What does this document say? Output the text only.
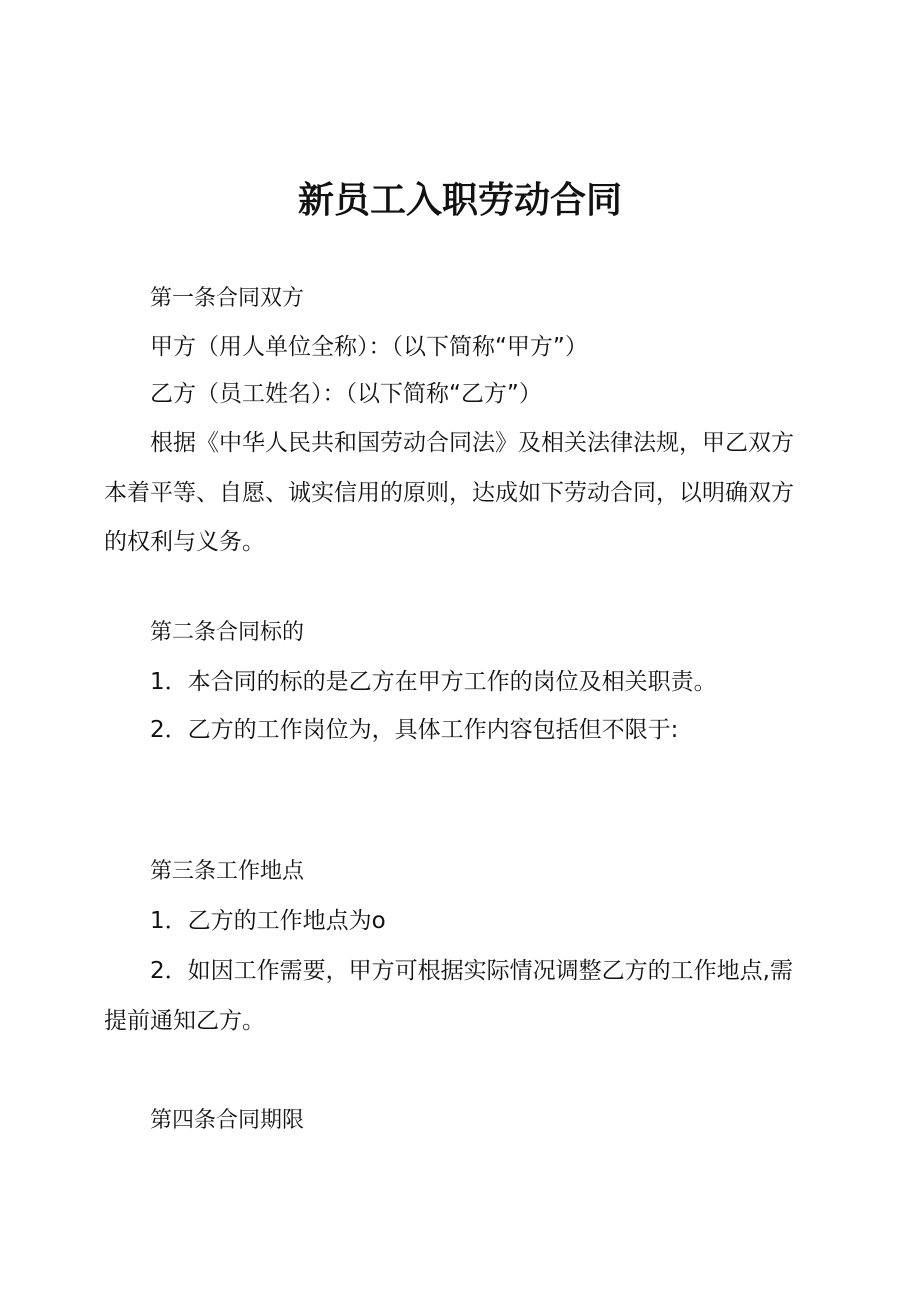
新员工入职劳动合同
第一条合同双方
甲方（用人单位全称）：（以下简称“甲方”）
乙方（员工姓名）：（以下简称“乙方”）
根据《中华人民共和国劳动合同法》及相关法律法规，甲乙双方
本着平等、自愿、诚实信用的原则，达成如下劳动合同，以明确双方
的权利与义务。
第二条合同标的
1．本合同的标的是乙方在甲方工作的岗位及相关职责。
2．乙方的工作岗位为，具体工作内容包括但不限于:
第三条工作地点
1．乙方的工作地点为o
2．如因工作需要，甲方可根据实际情况调整乙方的工作地点,需
提前通知乙方。
第四条合同期限
